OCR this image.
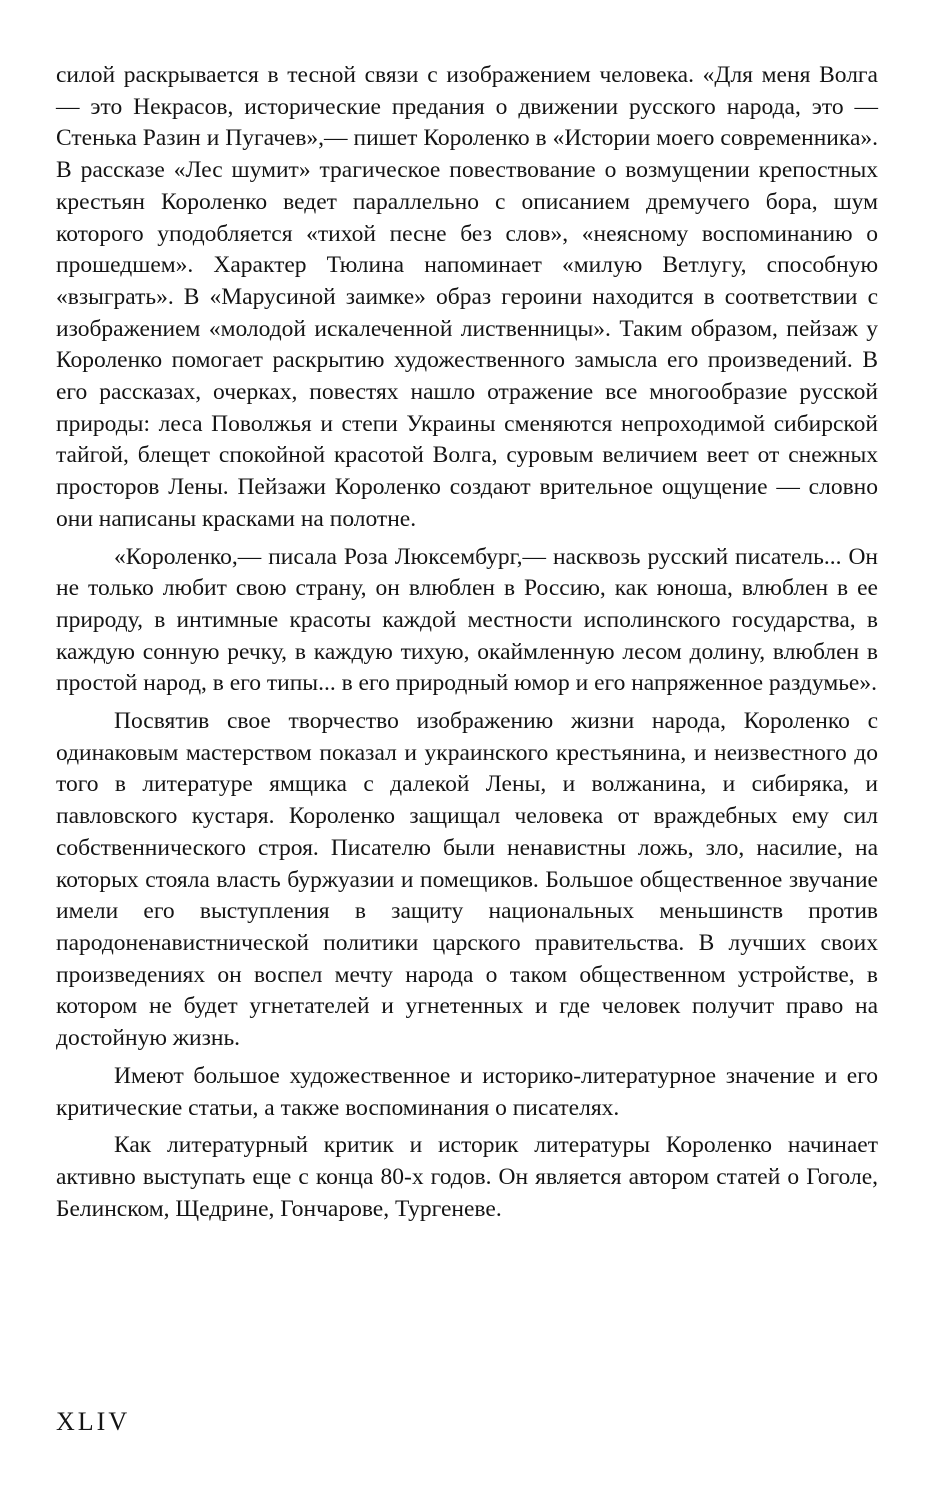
силой раскрывается в тесной связи с изображением человека. «Для меня Волга — это Некрасов, исторические предания о движении русского народа, это — Стенька Разин и Пугачев»,— пишет Короленко в «Истории моего современника». В рассказе «Лес шумит» трагическое повествование о возмущении крепостных крестьян Короленко ведет параллельно с описанием дремучего бора, шум которого уподобляется «тихой песне без слов», «неясному воспоминанию о прошедшем». Характер Тюлина напоминает «милую Ветлугу, способную «взыграть». В «Марусиной заимке» образ героини находится в соответствии с изображением «молодой искалеченной лиственницы». Таким образом, пейзаж у Короленко помогает раскрытию художественного замысла его произведений. В его рассказах, очерках, повестях нашло отражение все многообразие русской природы: леса Поволжья и степи Украины сменяются непроходимой сибирской тайгой, блещет спокойной красотой Волга, суровым величием веет от снежных просторов Лены. Пейзажи Короленко создают врительное ощущение — словно они написаны красками на полотне.

«Короленко,— писала Роза Люксембург,— насквозь русский писатель... Он не только любит свою страну, он влюблен в Россию, как юноша, влюблен в ее природу, в интимные красоты каждой местности исполинского государства, в каждую сонную речку, в каждую тихую, окаймленную лесом долину, влюблен в простой народ, в его типы... в его природный юмор и его напряженное раздумье».

Посвятив свое творчество изображению жизни народа, Короленко с одинаковым мастерством показал и украинского крестьянина, и неизвестного до того в литературе ямщика с далекой Лены, и волжанина, и сибиряка, и павловского кустаря. Короленко защищал человека от враждебных ему сил собственнического строя. Писателю были ненавистны ложь, зло, насилие, на которых стояла власть буржуазии и помещиков. Большое общественное звучание имели его выступления в защиту национальных меньшинств против пародоненавистнической политики царского правительства. В лучших своих произведениях он воспел мечту народа о таком общественном устройстве, в котором не будет угнетателей и угнетенных и где человек получит право на достойную жизнь.

Имеют большое художественное и историко-литературное значение и его критические статьи, а также воспоминания о писателях.

Как литературный критик и историк литературы Короленко начинает активно выступать еще с конца 80-х годов. Он является автором статей о Гоголе, Белинском, Щедрине, Гончарове, Тургеневе.

XLIV
